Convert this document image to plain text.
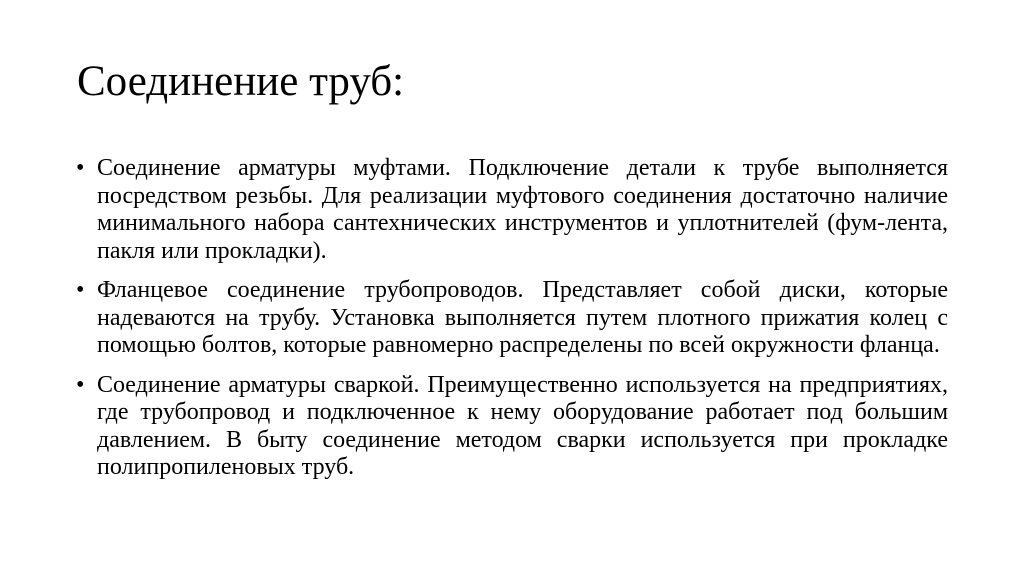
Соединение труб:
• Соединение арматуры муфтами. Подключение детали к трубе выполняется посредством резьбы. Для реализации муфтового соединения достаточно наличие минимального набора сантехнических инструментов и уплотнителей (фум-лента, пакля или прокладки).
• Фланцевое соединение трубопроводов. Представляет собой диски, которые надеваются на трубу. Установка выполняется путем плотного прижатия колец с помощью болтов, которые равномерно распределены по всей окружности фланца.
• Соединение арматуры сваркой. Преимущественно используется на предприятиях, где трубопровод и подключенное к нему оборудование работает под большим давлением. В быту соединение методом сварки используется при прокладке полипропиленовых труб.
